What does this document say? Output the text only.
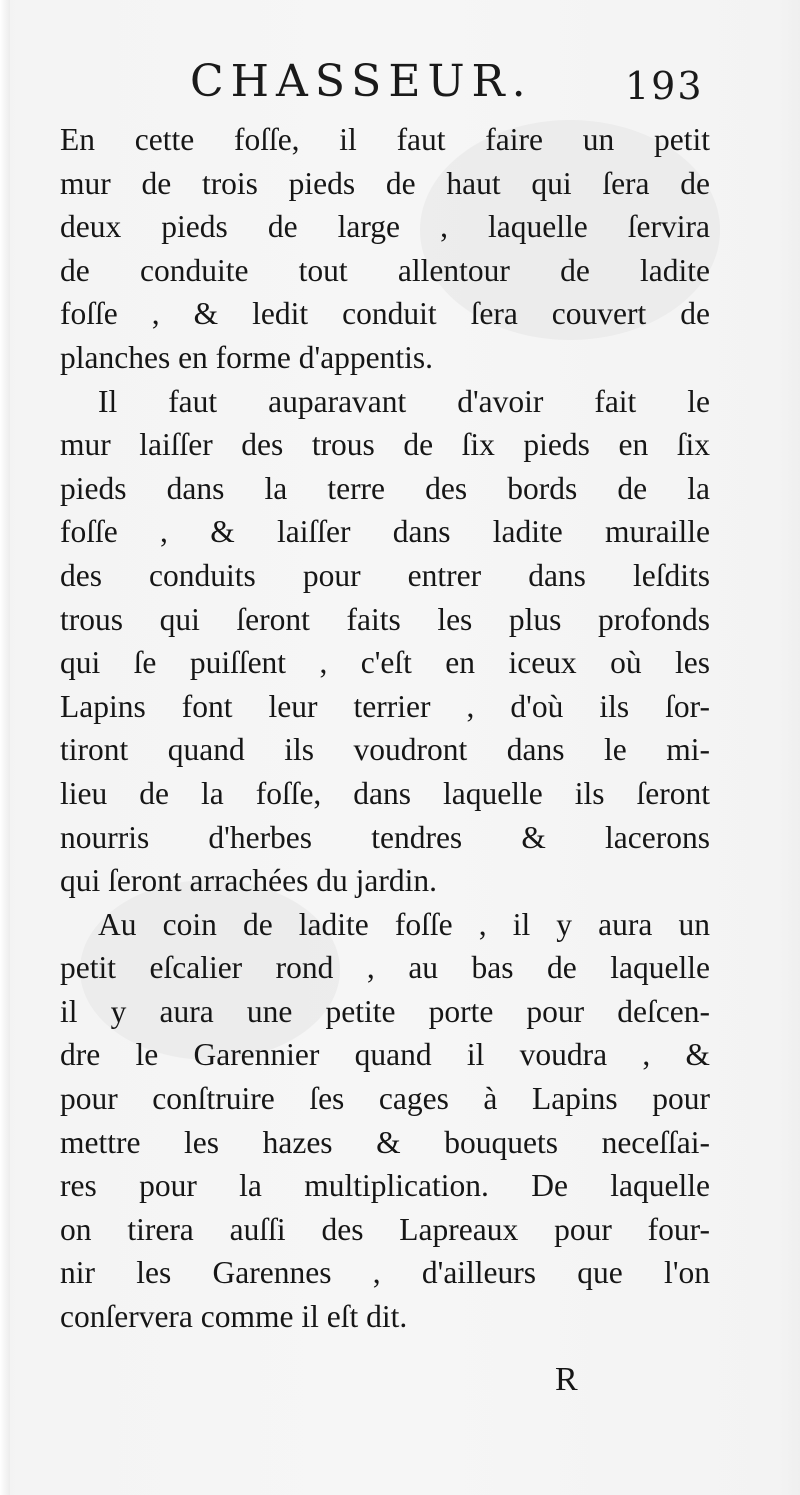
CHASSEUR. 193
En cette foſſe, il faut faire un petit
mur de trois pieds de haut qui ſera de
deux pieds de large , laquelle ſervira
de conduite tout allentour de ladite
foſſe , & ledit conduit ſera couvert de
planches en forme d'appentis.
Il faut auparavant d'avoir fait le
mur laiſſer des trous de ſix pieds en ſix
pieds dans la terre des bords de la
foſſe , & laiſſer dans ladite muraille
des conduits pour entrer dans leſdits
trous qui ſeront faits les plus profonds
qui ſe puiſſent , c'eſt en iceux où les
Lapins font leur terrier , d'où ils ſor-
tiront quand ils voudront dans le mi-
lieu de la foſſe, dans laquelle ils ſeront
nourris d'herbes tendres & lacerons
qui ſeront arrachées du jardin.
Au coin de ladite foſſe , il y aura un
petit eſcalier rond , au bas de laquelle
il y aura une petite porte pour deſcen-
dre le Garennier quand il voudra , &
pour conſtruire ſes cages à Lapins pour
mettre les hazes & bouquets neceſſai-
res pour la multiplication. De laquelle
on tirera auſſi des Lapreaux pour four-
nir les Garennes , d'ailleurs que l'on
conſervera comme il eſt dit.
R
